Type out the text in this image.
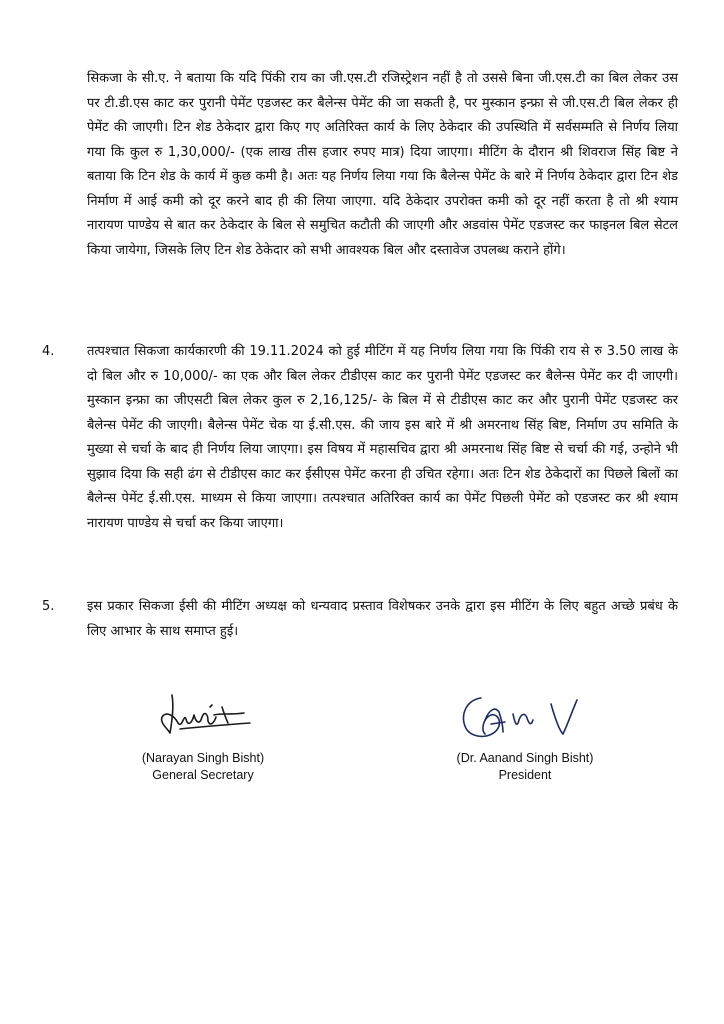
सिकजा के सी.ए. ने बताया कि यदि पिंकी राय का जी.एस.टी रजिस्ट्रेशन नहीं है तो उससे बिना जी.एस.टी का बिल लेकर उस पर टी.डी.एस काट कर पुरानी पेमेंट एडजस्ट कर बैलेन्स पेमेंट की जा सकती है, पर मुस्कान इन्फ्रा से जी.एस.टी बिल लेकर ही पेमेंट की जाएगी। टिन शेड ठेकेदार द्वारा किए गए अतिरिक्त कार्य के लिए ठेकेदार की उपस्थिति में सर्वसम्मति से निर्णय लिया गया कि कुल रु 1,30,000/- (एक लाख तीस हजार रुपए मात्र) दिया जाएगा। मीटिंग के दौरान श्री शिवराज सिंह बिष्ट ने बताया कि टिन शेड के कार्य में कुछ कमी है। अतः यह निर्णय लिया गया कि बैलेन्स पेमेंट के बारे में निर्णय ठेकेदार द्वारा टिन शेड निर्माण में आई कमी को दूर करने बाद ही की लिया जाएगा. यदि ठेकेदार उपरोक्त कमी को दूर नहीं करता है तो श्री श्याम नारायण पाण्डेय से बात कर ठेकेदार के बिल से समुचित कटौती की जाएगी और अडवांस पेमेंट एडजस्ट कर फाइनल बिल सेटल किया जायेगा, जिसके लिए टिन शेड ठेकेदार को सभी आवश्यक बिल और दस्तावेज उपलब्ध कराने होंगे।
4.	तत्पश्चात सिकजा कार्यकारणी की 19.11.2024 को हुई मीटिंग में यह निर्णय लिया गया कि पिंकी राय से रु 3.50 लाख के दो बिल और रु 10,000/- का एक और बिल लेकर टीडीएस काट कर पुरानी पेमेंट एडजस्ट कर बैलेन्स पेमेंट कर दी जाएगी। मुस्कान इन्फ्रा का जीएसटी बिल लेकर कुल रु 2,16,125/- के बिल में से टीडीएस काट कर और पुरानी पेमेंट एडजस्ट कर बैलेन्स पेमेंट की जाएगी। बैलेन्स पेमेंट चेक या ई.सी.एस. की जाय इस बारे में श्री अमरनाथ सिंह बिष्ट, निर्माण उप समिति के मुख्या से चर्चा के बाद ही निर्णय लिया जाएगा। इस विषय में महासचिव द्वारा श्री अमरनाथ सिंह बिष्ट से चर्चा की गई, उन्होने भी सुझाव दिया कि सही ढंग से टीडीएस काट कर ईसीएस पेमेंट करना ही उचित रहेगा। अतः टिन शेड ठेकेदारों का पिछले बिलों का बैलेन्स पेमेंट ई.सी.एस. माध्यम से किया जाएगा। तत्पश्चात अतिरिक्त कार्य का पेमेंट पिछली पेमेंट को एडजस्ट कर श्री श्याम नारायण पाण्डेय से चर्चा कर किया जाएगा।
5.	इस प्रकार सिकजा ईसी की मीटिंग अध्यक्ष को धन्यवाद प्रस्ताव विशेषकर उनके द्वारा इस मीटिंग के लिए बहुत अच्छे प्रबंध के लिए आभार के साथ समाप्त हुई।
(Narayan Singh Bisht)
General Secretary
(Dr. Aanand Singh Bisht)
President
